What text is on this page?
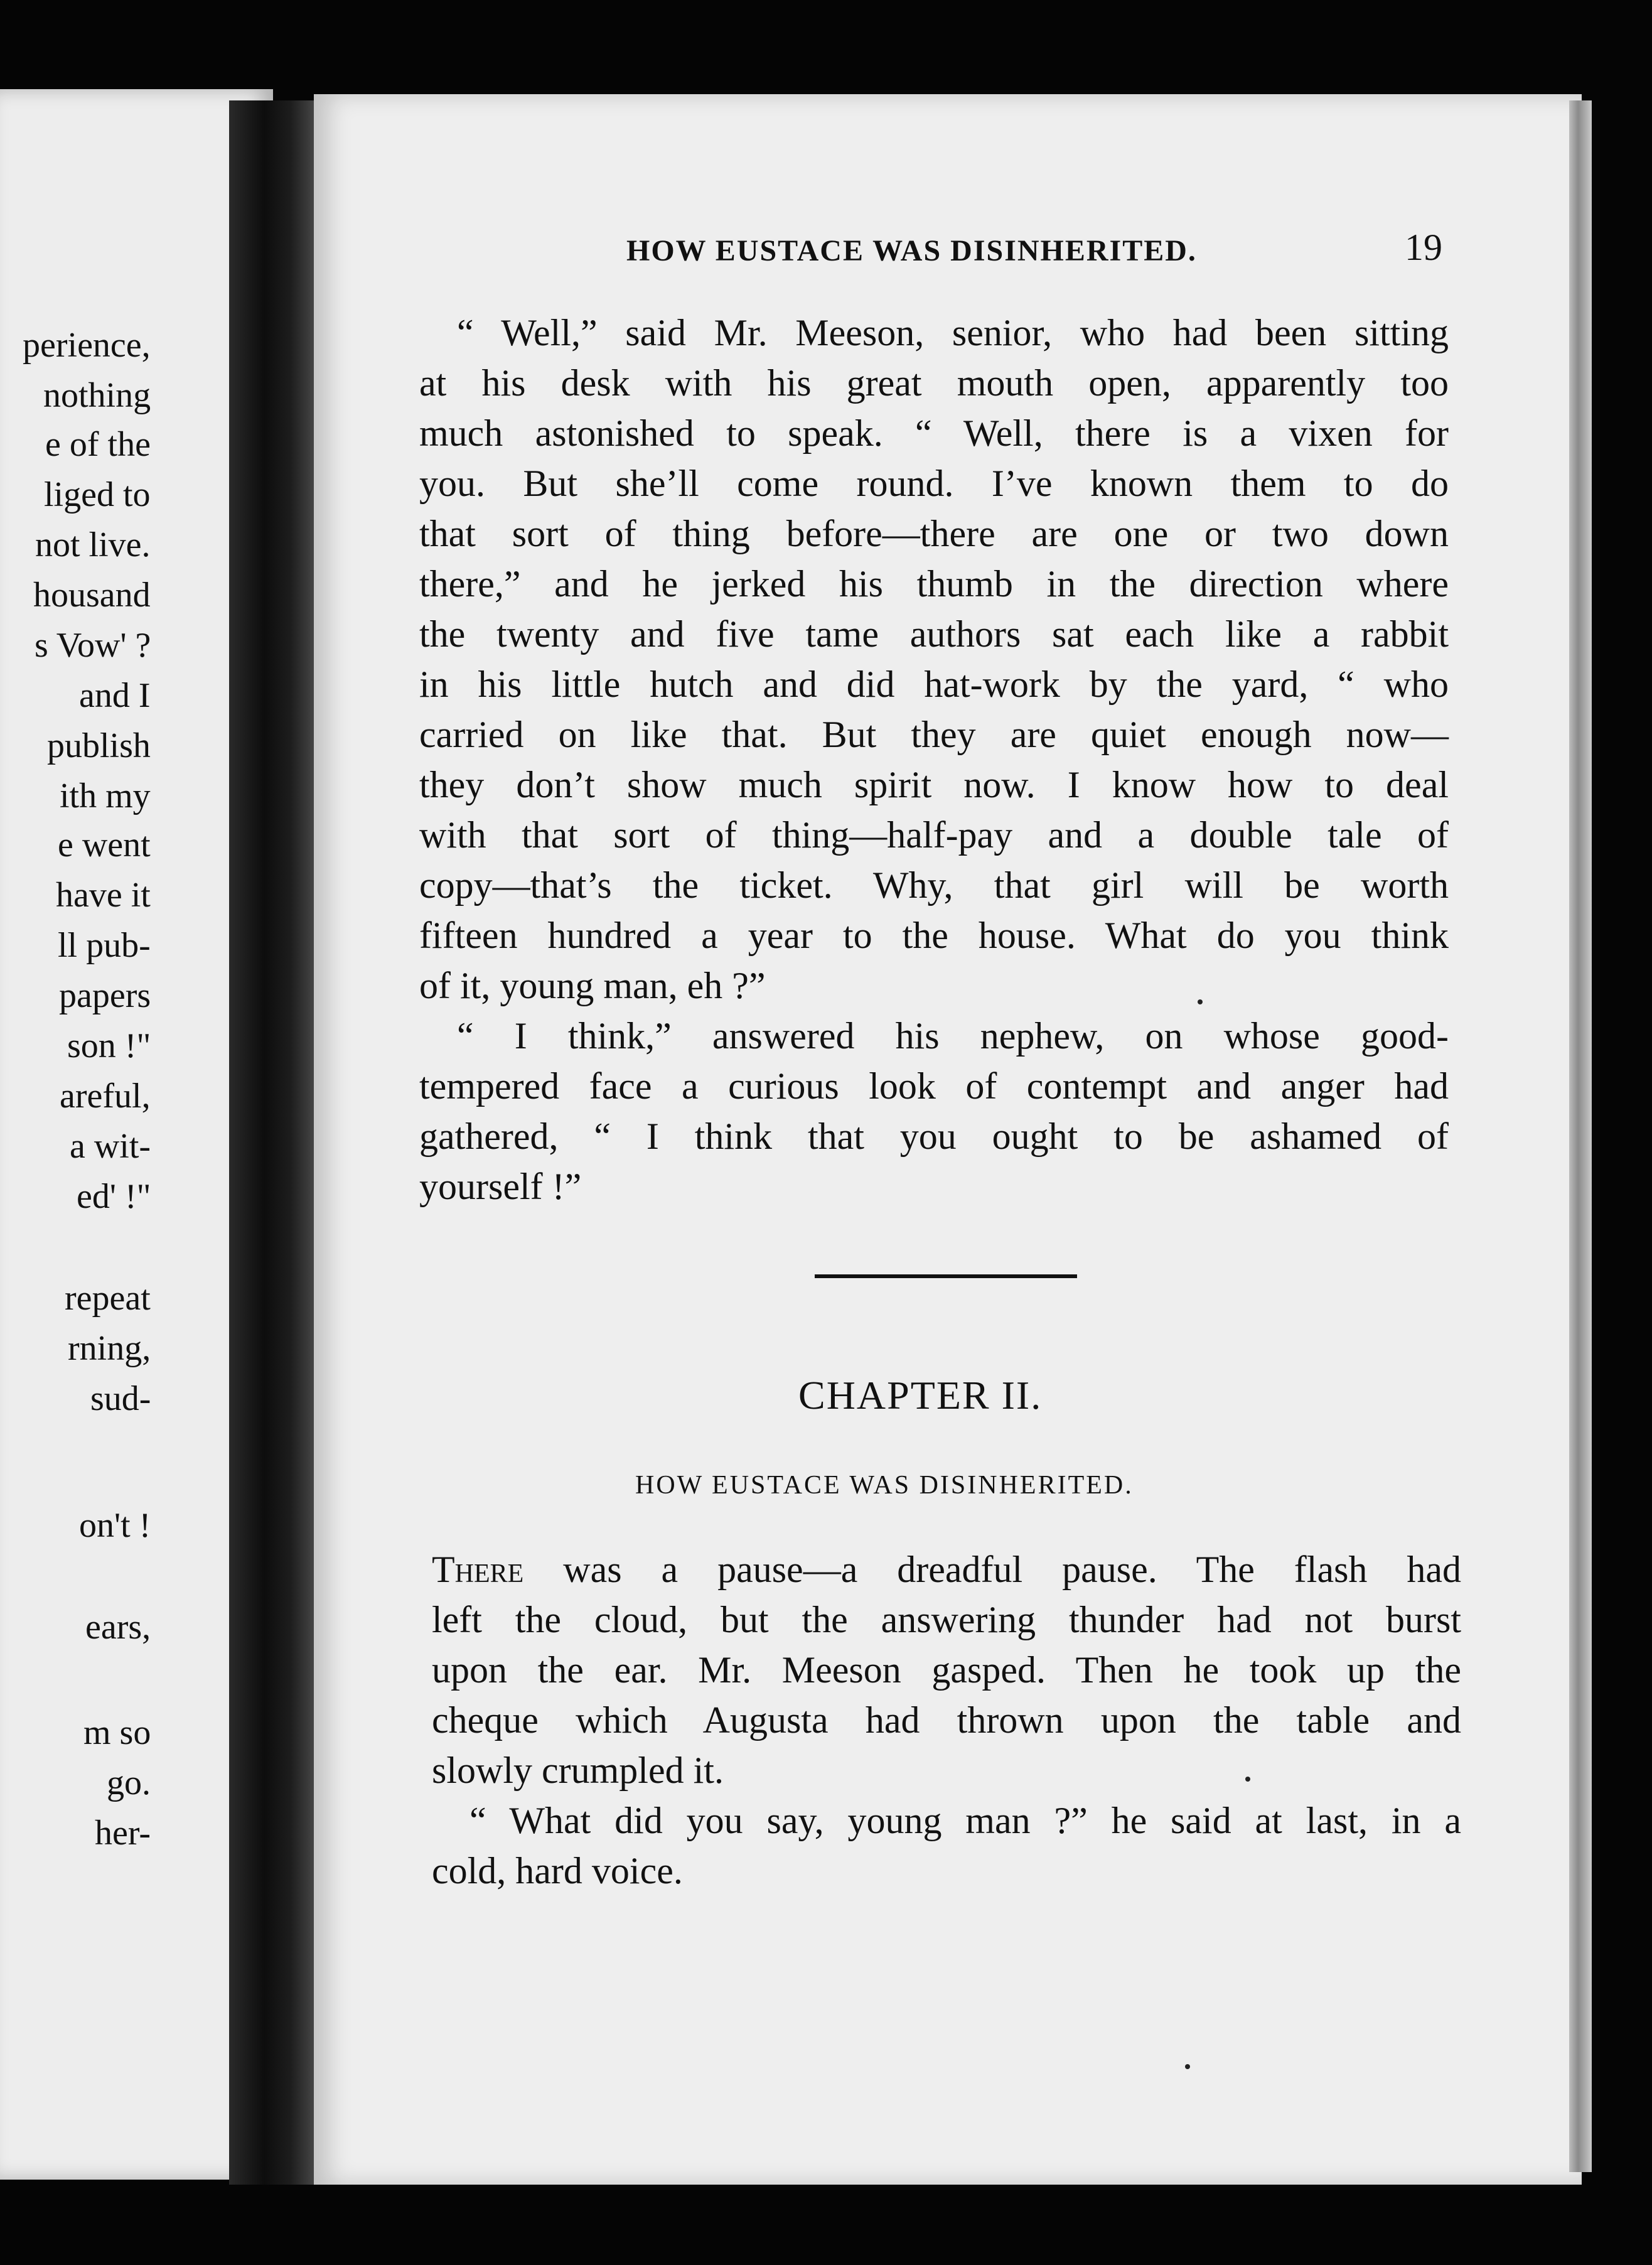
perience,
nothing
e of the
liged to
not live.
housand
s Vow' ?
and I
publish
ith my
e went
have it
ll pub-
papers
son !"
areful,
a wit-
ed' !"
repeat
rning,
sud-
on't !
ears,
m so
go.
her-
HOW EUSTACE WAS DISINHERITED.	19
“ Well,” said Mr. Meeson, senior, who had been sitting
at his desk with his great mouth open, apparently too
much astonished to speak. “ Well, there is a vixen for
you. But she’ll come round. I’ve known them to do
that sort of thing before—there are one or two down
there,” and he jerked his thumb in the direction where
the twenty and five tame authors sat each like a rabbit
in his little hutch and did hat-work by the yard, “ who
carried on like that. But they are quiet enough now—
they don’t show much spirit now. I know how to deal
with that sort of thing—half-pay and a double tale of
copy—that’s the ticket. Why, that girl will be worth
fifteen hundred a year to the house. What do you think
of it, young man, eh ?”
“ I think,” answered his nephew, on whose good-
tempered face a curious look of contempt and anger had
gathered, “ I think that you ought to be ashamed of
yourself !”
CHAPTER II.
HOW EUSTACE WAS DISINHERITED.
There was a pause—a dreadful pause. The flash had
left the cloud, but the answering thunder had not burst
upon the ear. Mr. Meeson gasped. Then he took up the
cheque which Augusta had thrown upon the table and
slowly crumpled it.
“ What did you say, young man ?” he said at last, in a
cold, hard voice.
